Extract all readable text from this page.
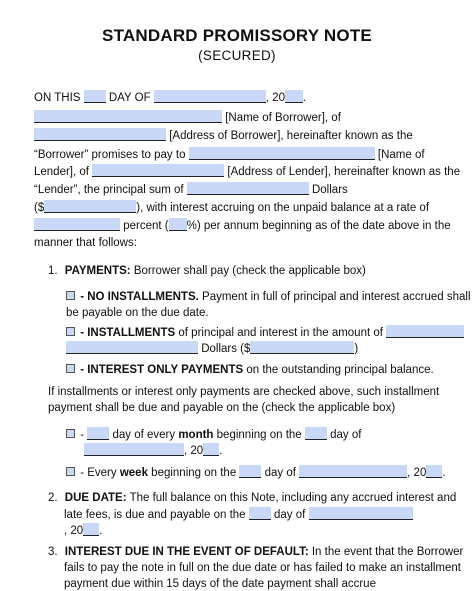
STANDARD PROMISSORY NOTE
(SECURED)
ON THIS DAY OF	, 20 .
[Name of Borrower], of
[Address of Borrower], hereinafter known as the
“Borrower” promises to pay to	[Name of
Lender], of	[Address of Lender], hereinafter known as the
“Lender”, the principal sum of	Dollars
($	), with interest accruing on the unpaid balance at a rate of
percent ( %) per annum beginning as of the date above in the
manner that follows:
1. PAYMENTS: Borrower shall pay (check the applicable box)
- NO INSTALLMENTS. Payment in full of principal and interest accrued shall
be payable on the due date.
- INSTALLMENTS of principal and interest in the amount of
Dollars ($	)
- INTEREST ONLY PAYMENTS on the outstanding principal balance.
If installments or interest only payments are checked above, such installment
payment shall be due and payable on the (check the applicable box)
- day of every month beginning on the day of
, 20 .
- Every week beginning on the day of	, 20 .
2. DUE DATE: The full balance on this Note, including any accrued interest and
late fees, is due and payable on the day of
, 20 .
3. INTEREST DUE IN THE EVENT OF DEFAULT: In the event that the Borrower
fails to pay the note in full on the due date or has failed to make an installment
payment due within 15 days of the date payment shall accrue
